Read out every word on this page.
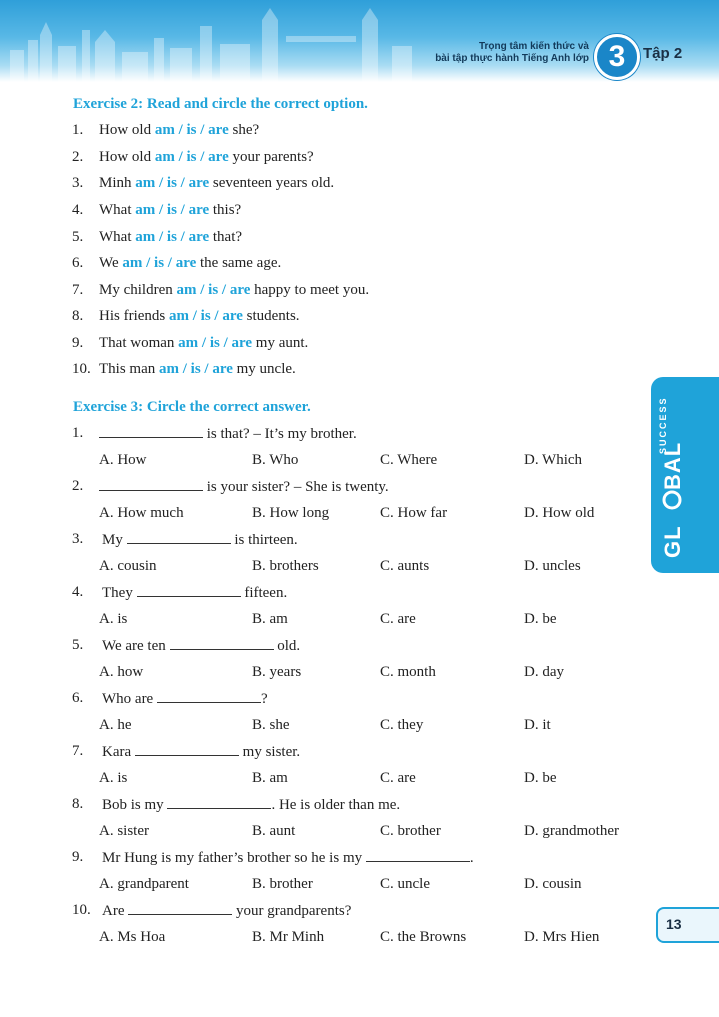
Trọng tâm kiến thức và
bài tập thực hành Tiếng Anh lớp 3	Tập 2
Exercise 2: Read and circle the correct option.
1. How old am / is / are she?
2. How old am / is / are your parents?
3. Minh am / is / are seventeen years old.
4. What am / is / are this?
5. What am / is / are that?
6. We am / is / are the same age.
7. My children am / is / are happy to meet you.
8. His friends am / is / are students.
9. That woman am / is / are my aunt.
10. This man am / is / are my uncle.
Exercise 3: Circle the correct answer.
1.	is that? – It’s my brother.
A. How	B. Who	C. Where	D. Which
2.	is your sister? – She is twenty.
A. How much	B. How long	C. How far	D. How old
3. My	is thirteen.
A. cousin	B. brothers	C. aunts	D. uncles
4. They	fifteen.
A. is	B. am	C. are	D. be
5. We are ten	old.
A. how	B. years	C. month	D. day
6. Who are	?
A. he	B. she	C. they	D. it
7. Kara	my sister.
A. is	B. am	C. are	D. be
8. Bob is my	. He is older than me.
A. sister	B. aunt	C. brother	D. grandmother
9. Mr Hung is my father’s brother so he is my	.
A. grandparent	B. brother	C. uncle	D. cousin
10. Are	your grandparents?
A. Ms Hoa	B. Mr Minh	C. the Browns	D. Mrs Hien
GL
BAL
SUCCESS
13
